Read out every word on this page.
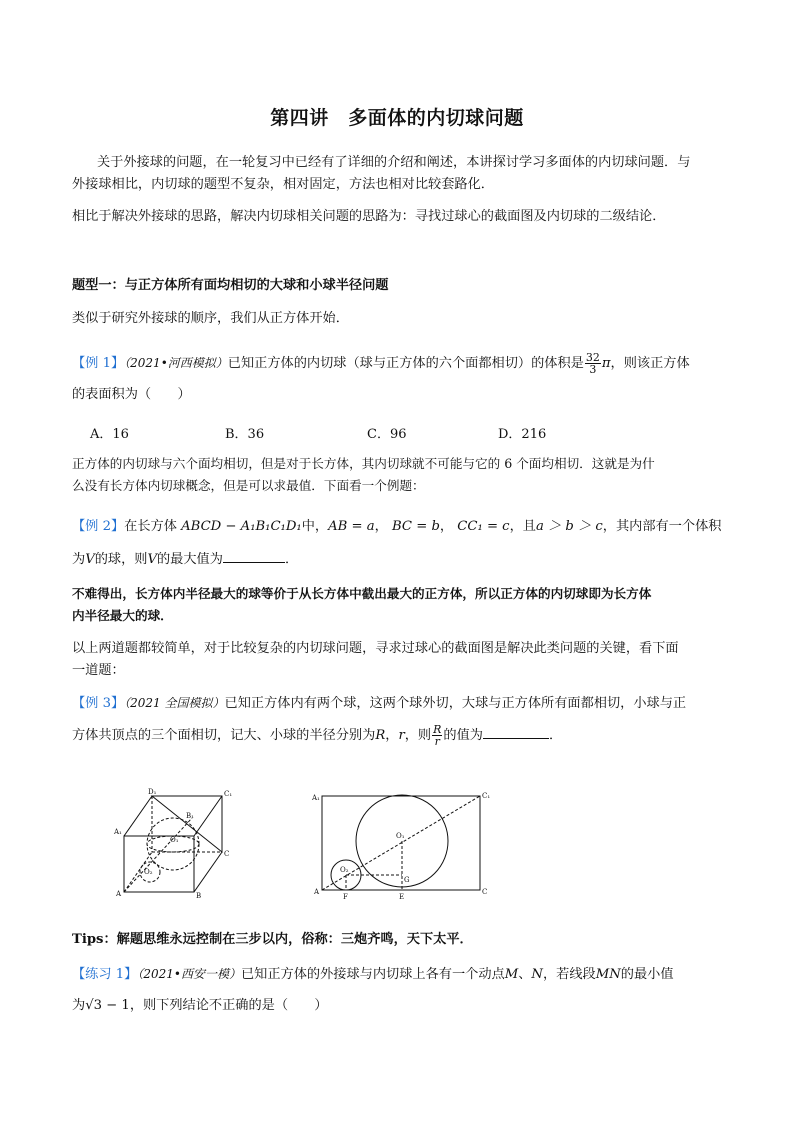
第四讲　多面体的内切球问题
关于外接球的问题，在一轮复习中已经有了详细的介绍和阐述，本讲探讨学习多面体的内切球问题．与
外接球相比，内切球的题型不复杂，相对固定，方法也相对比较套路化．
相比于解决外接球的思路，解决内切球相关问题的思路为：寻找过球心的截面图及内切球的二级结论．
题型一：与正方体所有面均相切的大球和小球半径问题
类似于研究外接球的顺序，我们从正方体开始．
【例 1】（2021•河西模拟）已知正方体的内切球（球与正方体的六个面都相切）的体积是 $\frac{32}{3}$ π，则该正方体
的表面积为（　　）
A．16	B．36	C．96	D．216
正方体的内切球与六个面均相切，但是对于长方体，其内切球就不可能与它的 6 个面均相切．这就是为什
么没有长方体内切球概念，但是可以求最值．下面看一个例题：
【例 2】在长方体 ABCD − A₁B₁C₁D₁中，AB = a， BC = b， CC₁ = c，且a ＞ b ＞ c，其内部有一个体积
为V的球，则V的最大值为	．
不难得出，长方体内半径最大的球等价于从长方体中截出最大的正方体，所以正方体的内切球即为长方体
内半径最大的球．
以上两道题都较简单，对于比较复杂的内切球问题，寻求过球心的截面图是解决此类问题的关键，看下面
一道题：
【例 3】（2021 全国模拟）已知正方体内有两个球，这两个球外切，大球与正方体所有面都相切，小球与正
方体共顶点的三个面相切，记大、小球的半径分别为R，r，则 $\frac{R}{r}$ 的值为	．
D₁	C₁
A₁
B₁
O₁
O₂
C
A	B
A₁	C₁
O₁
O₂
G
A
F	E
C
Tips：解题思维永远控制在三步以内，俗称：三炮齐鸣，天下太平．
【练习 1】（2021•西安一模）已知正方体的外接球与内切球上各有一个动点M、N，若线段MN的最小值
为√3 − 1，则下列结论不正确的是（　　）
